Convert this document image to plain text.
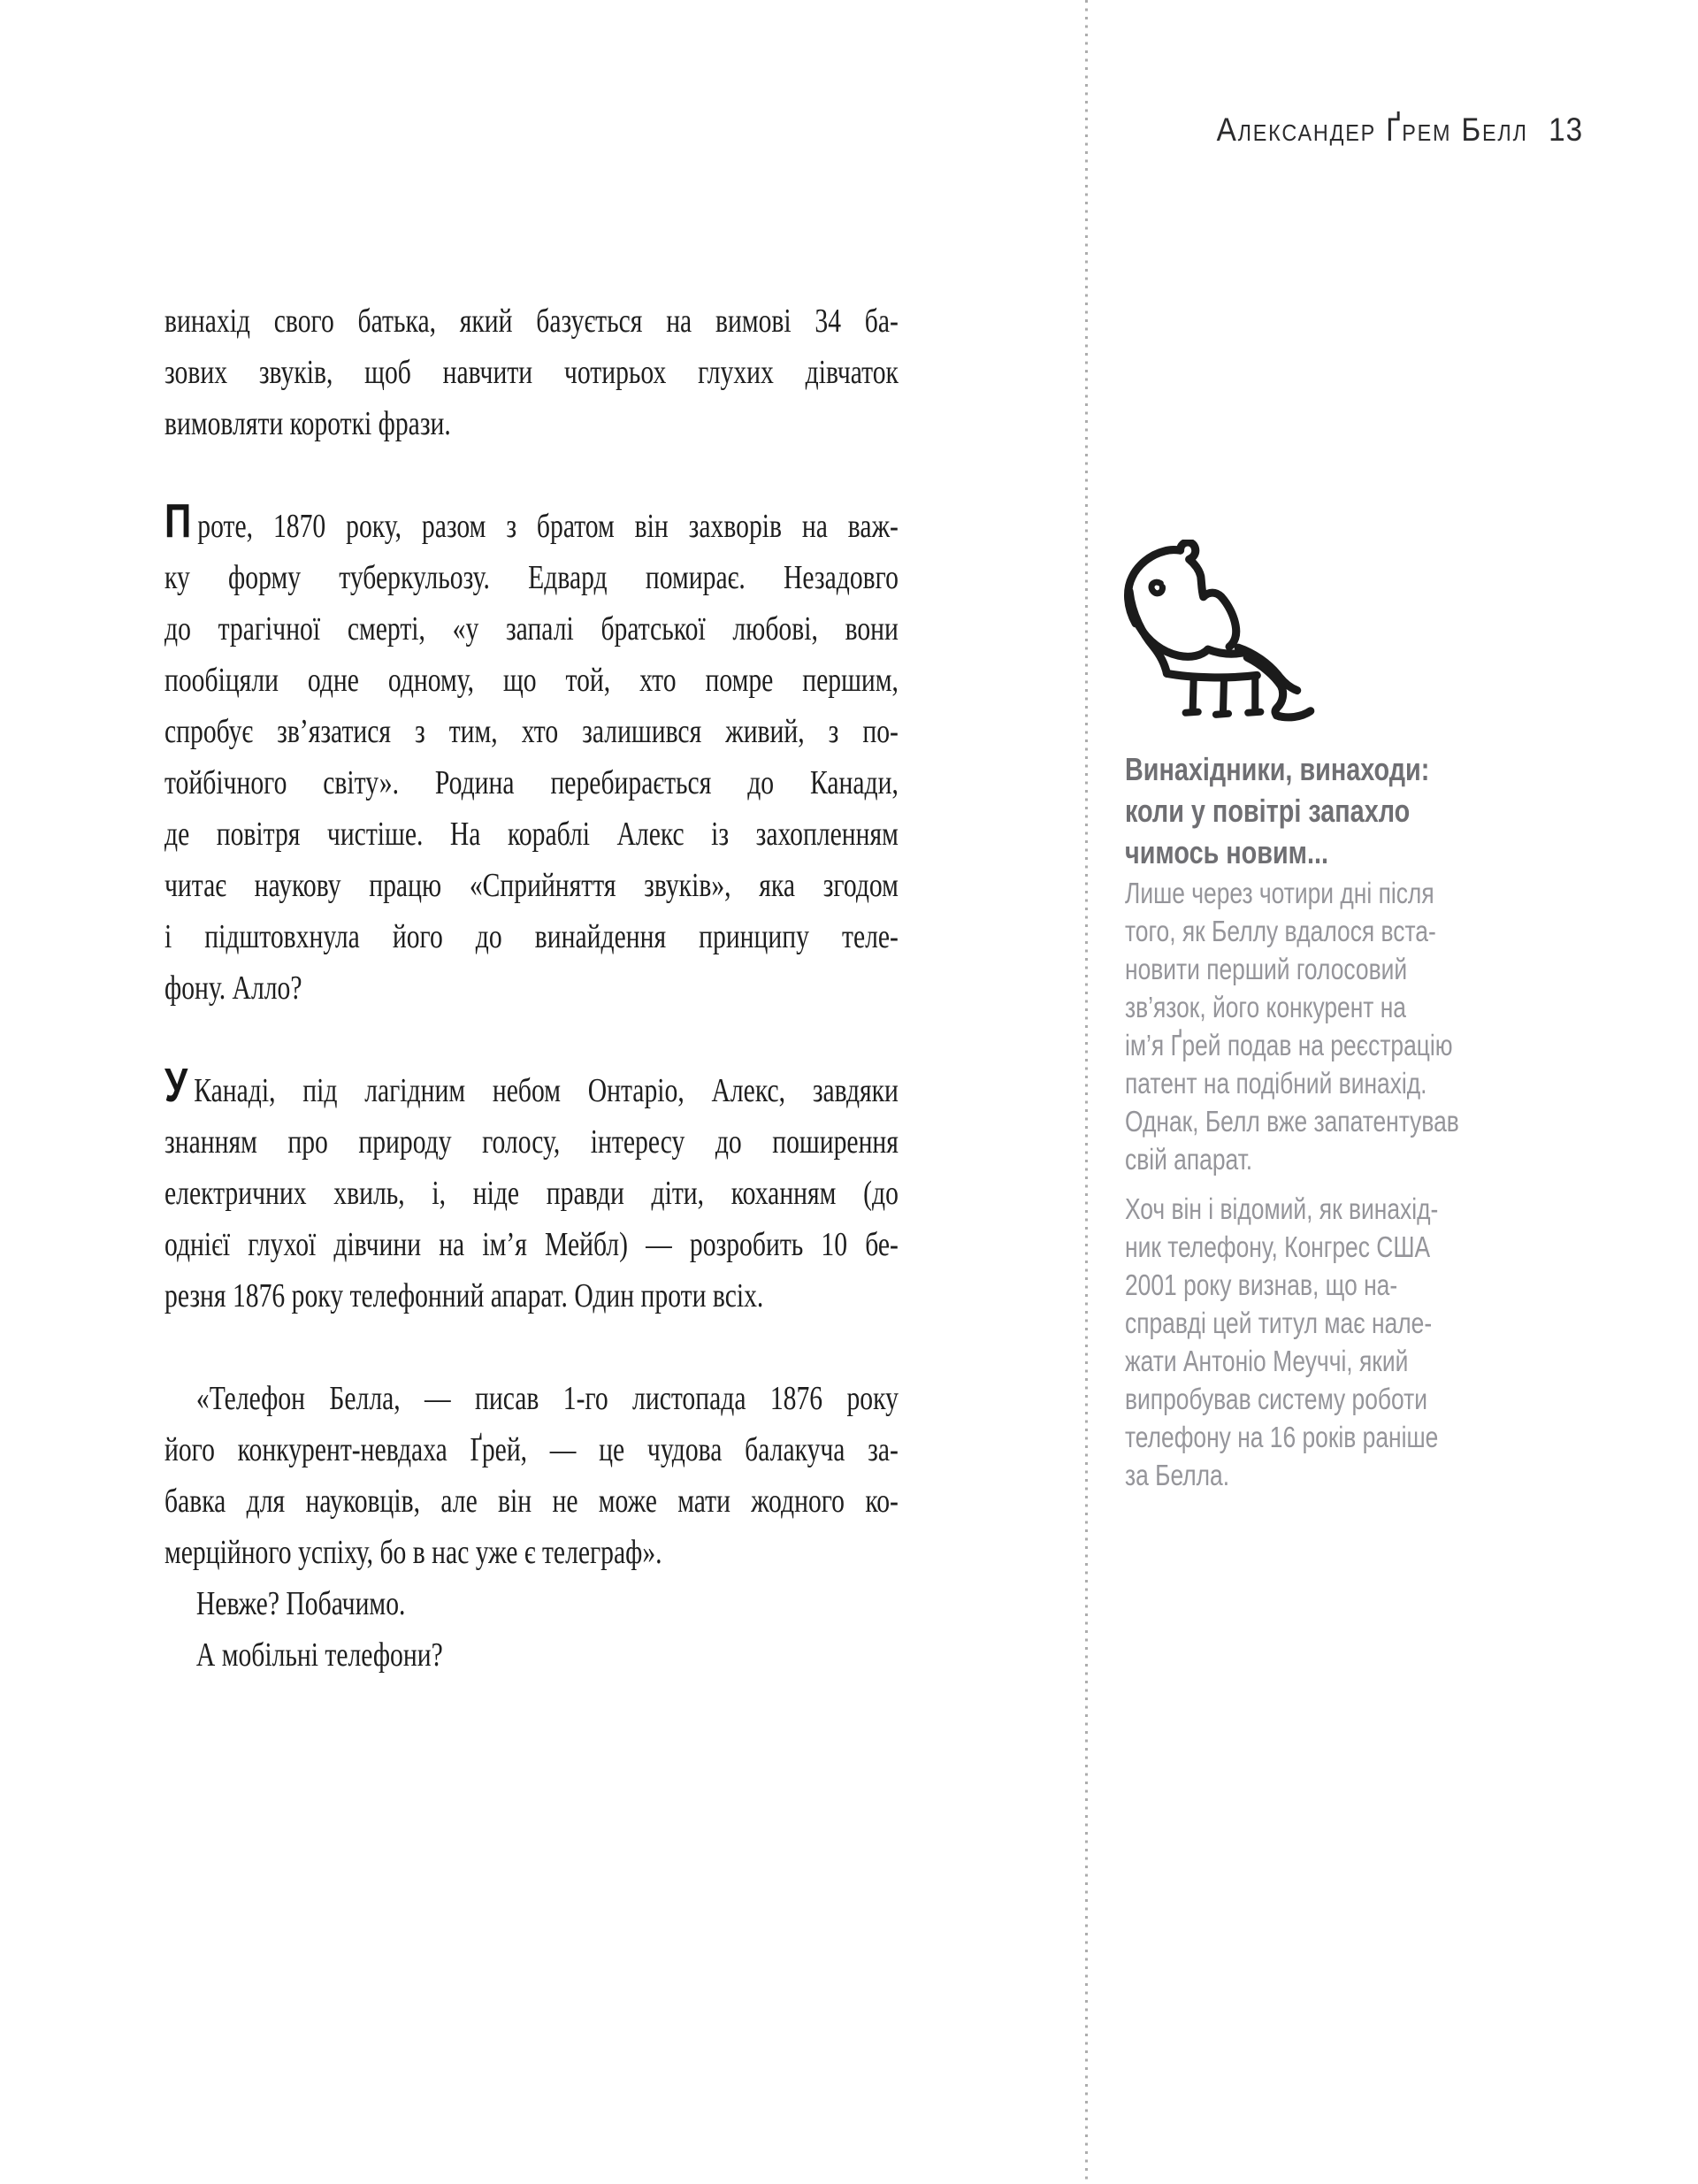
Александер Ґрем Белл 13
винахід свого батька, який базується на вимові 34 ба-
зових звуків, щоб навчити чотирьох глухих дівчаток
вимовляти короткі фрази.
П роте, 1870 року, разом з братом він захворів на важ-
ку форму туберкульозу. Едвард помирає. Незадовго
до трагічної смерті, «у запалі братської любові, вони
пообіцяли одне одному, що той, хто помре першим,
спробує зв’язатися з тим, хто залишився живий, з по-
тойбічного світу». Родина перебирається до Канади,
де повітря чистіше. На кораблі Алекс із захопленням
читає наукову працю «Сприйняття звуків», яка згодом
і підштовхнула його до винайдення принципу теле-
фону. Алло?
У Канаді, під лагідним небом Онтаріо, Алекс, завдяки
знанням про природу голосу, інтересу до поширення
електричних хвиль, і, ніде правди діти, коханням (до
однієї глухої дівчини на ім’я Мейбл) — розробить 10 бе-
резня 1876 року телефонний апарат. Один проти всіх.
«Телефон Белла, — писав 1-го листопада 1876 року
його конкурент-невдаха Ґрей, — це чудова балакуча за-
бавка для науковців, але він не може мати жодного ко-
мерційного успіху, бо в нас уже є телеграф».
Невже? Побачимо.
А мобільні телефони?
Винахідники, винаходи:
коли у повітрі запахло
чимось новим...
Лише через чотири дні після
того, як Беллу вдалося вста-
новити перший голосовий
зв’язок, його конкурент на
ім’я Ґрей подав на реєстрацію
патент на подібний винахід.
Однак, Белл вже запатентував
свій апарат.
Хоч він і відомий, як винахід-
ник телефону, Конгрес США
2001 року визнав, що на-
справді цей титул має нале-
жати Антоніо Меуччі, який
випробував систему роботи
телефону на 16 років раніше
за Белла.
